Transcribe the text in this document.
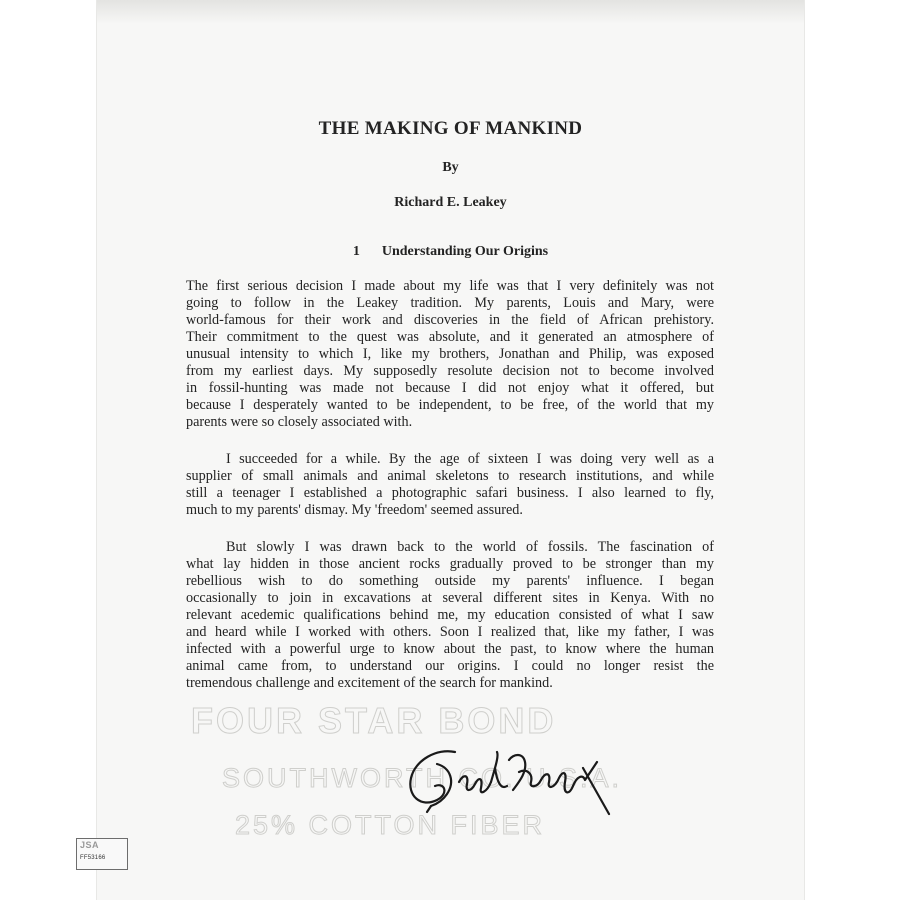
THE MAKING OF MANKIND
By
Richard E. Leakey
1 Understanding Our Origins
The first serious decision I made about my life was that I very definitely was not
going to follow in the Leakey tradition. My parents, Louis and Mary, were
world-famous for their work and discoveries in the field of African prehistory.
Their commitment to the quest was absolute, and it generated an atmosphere of
unusual intensity to which I, like my brothers, Jonathan and Philip, was exposed
from my earliest days. My supposedly resolute decision not to become involved
in fossil-hunting was made not because I did not enjoy what it offered, but
because I desperately wanted to be independent, to be free, of the world that my
parents were so closely associated with.
I succeeded for a while. By the age of sixteen I was doing very well as a
supplier of small animals and animal skeletons to research institutions, and while
still a teenager I established a photographic safari business. I also learned to fly,
much to my parents' dismay. My 'freedom' seemed assured.
But slowly I was drawn back to the world of fossils. The fascination of
what lay hidden in those ancient rocks gradually proved to be stronger than my
rebellious wish to do something outside my parents' influence. I began
occasionally to join in excavations at several different sites in Kenya. With no
relevant acedemic qualifications behind me, my education consisted of what I saw
and heard while I worked with others. Soon I realized that, like my father, I was
infected with a powerful urge to know about the past, to know where the human
animal came from, to understand our origins. I could no longer resist the
tremendous challenge and excitement of the search for mankind.
FOUR STAR BOND
SOUTHWORTH CO. U.S.A.
25% COTTON FIBER
JSA
FF53166
